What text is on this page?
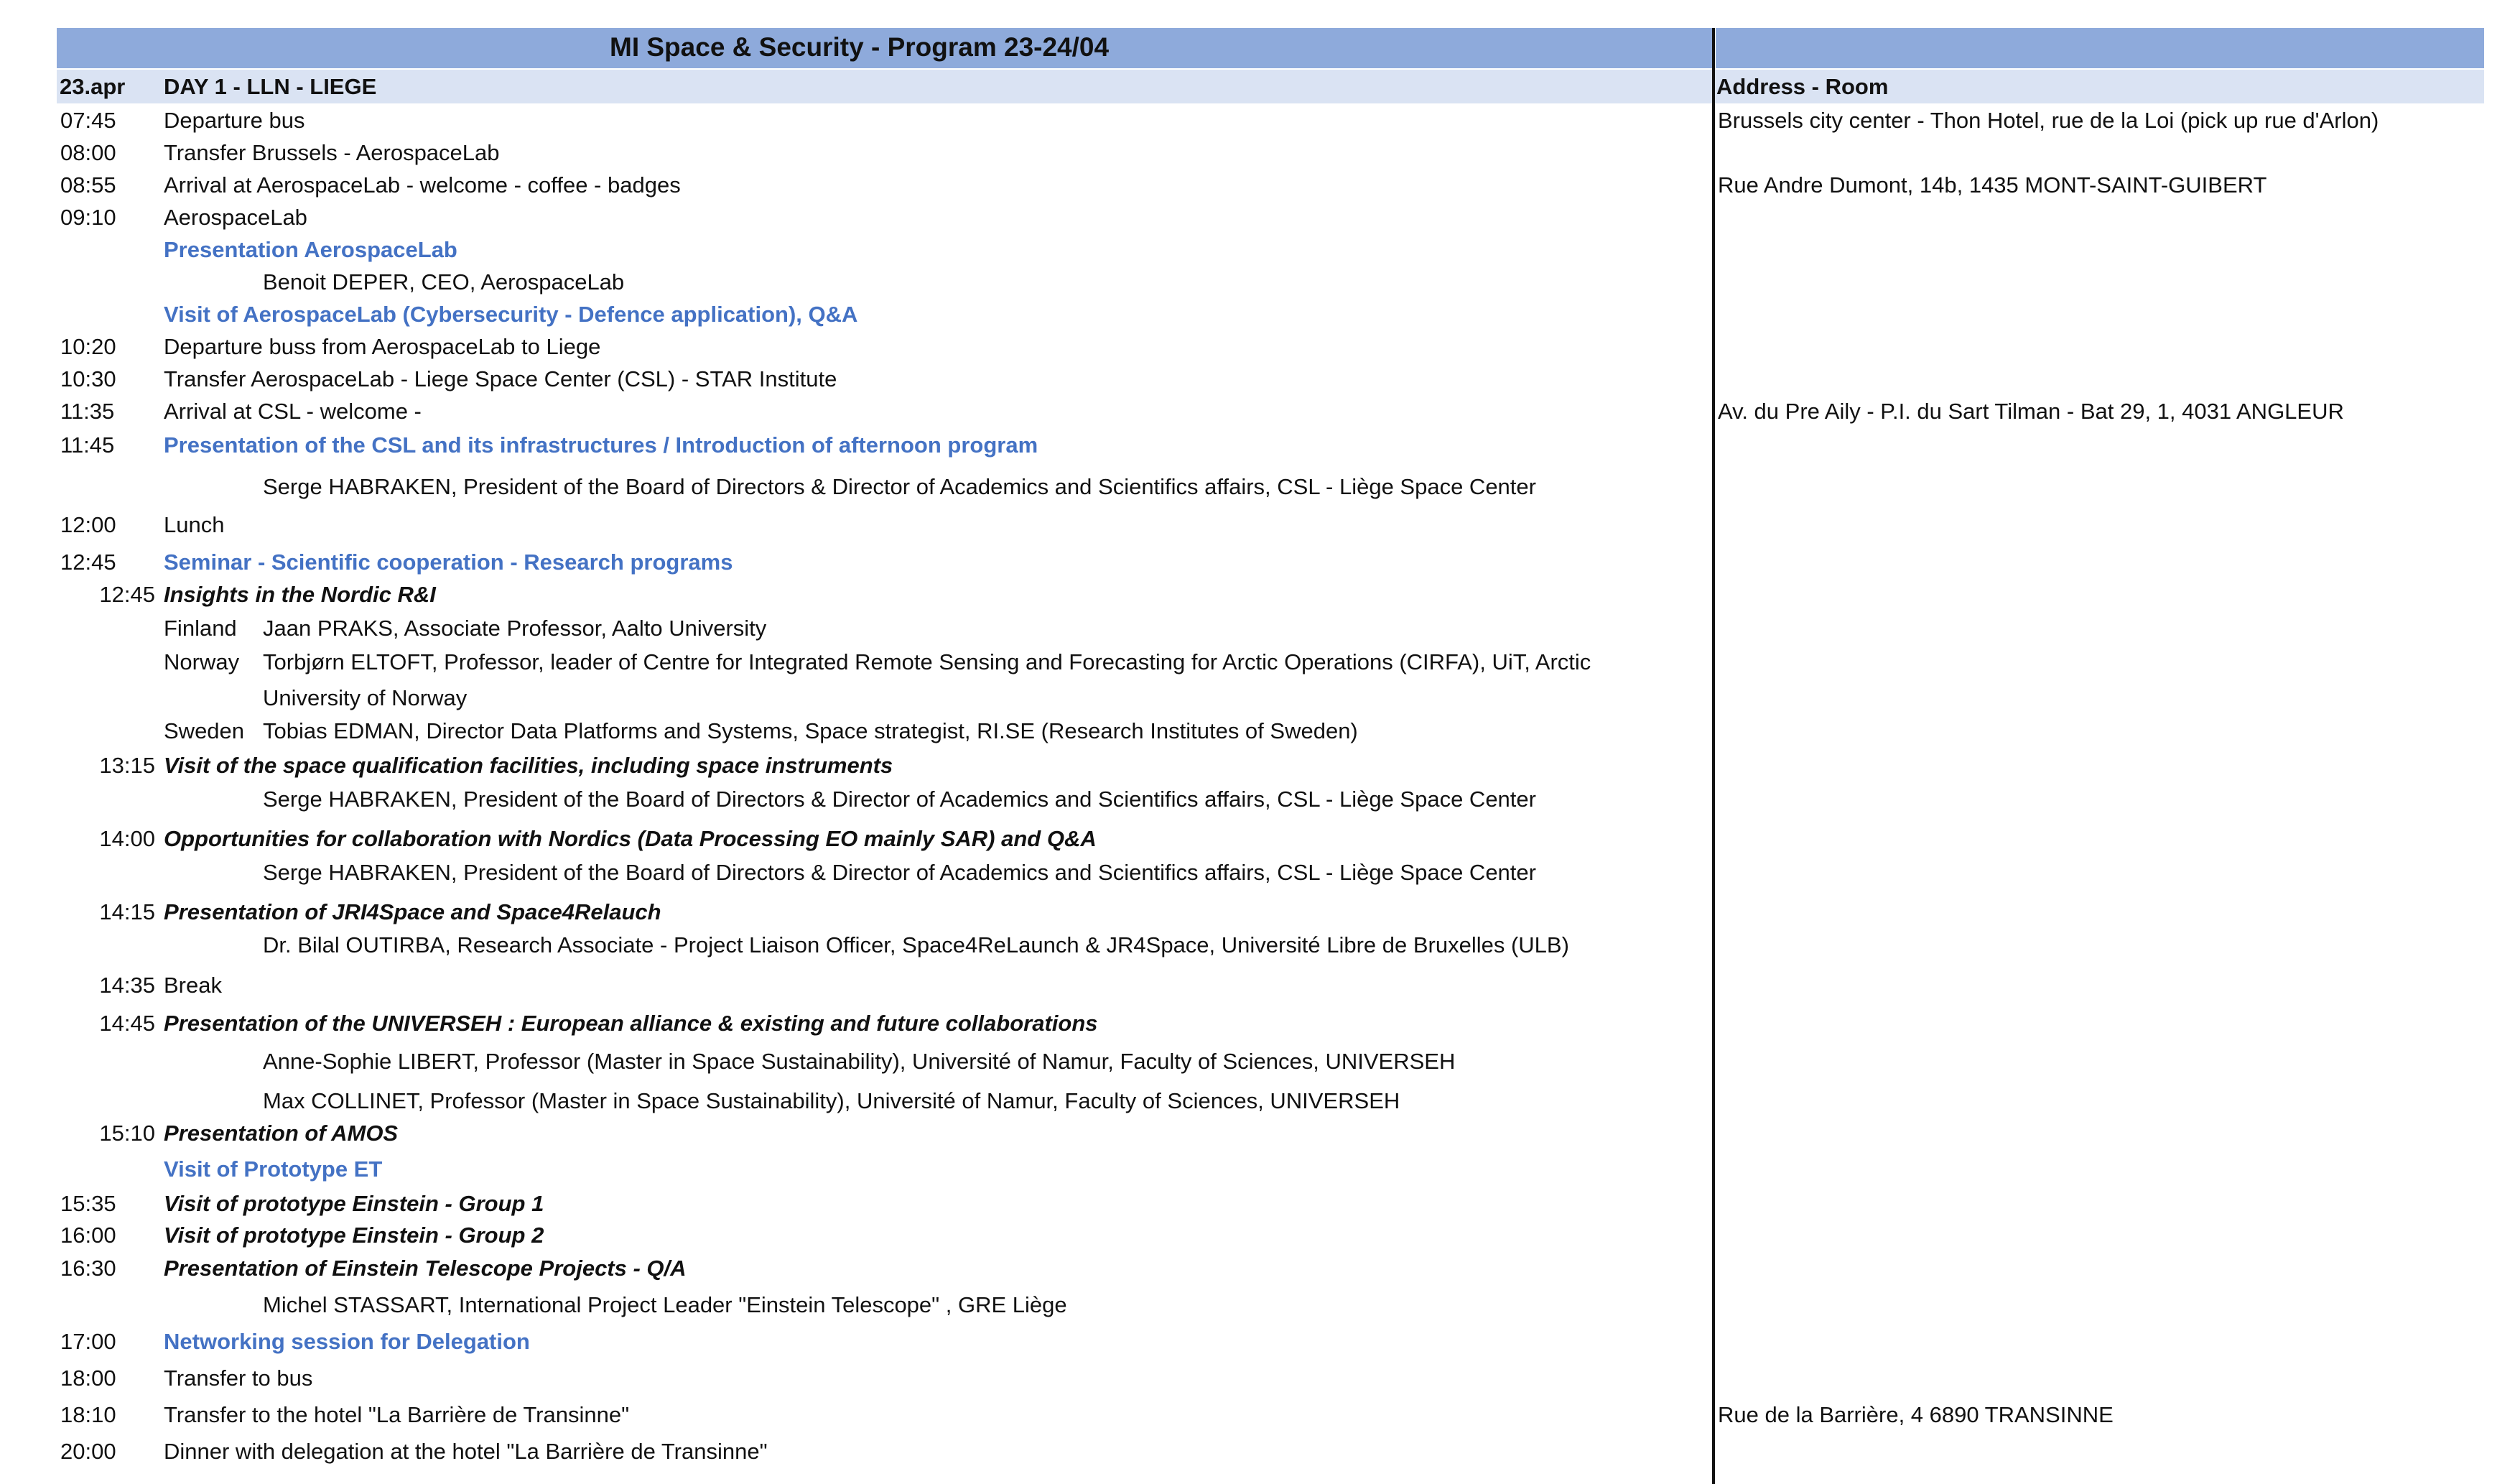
MI Space & Security - Program 23-24/04
23.apr DAY 1 - LLN - LIEGE	Address - Room
07:45 Departure bus	Brussels city center - Thon Hotel, rue de la Loi (pick up rue d'Arlon)
08:00 Transfer Brussels - AerospaceLab
08:55 Arrival at AerospaceLab - welcome - coffee - badges	Rue Andre Dumont, 14b, 1435 MONT-SAINT-GUIBERT
09:10 AerospaceLab
Presentation AerospaceLab
Benoit DEPER, CEO, AerospaceLab
Visit of AerospaceLab (Cybersecurity - Defence application), Q&A
10:20 Departure buss from AerospaceLab to Liege
10:30 Transfer AerospaceLab - Liege Space Center (CSL) - STAR Institute
11:35 Arrival at CSL - welcome -	Av. du Pre Aily - P.I. du Sart Tilman - Bat 29, 1, 4031 ANGLEUR
11:45 Presentation of the CSL and its infrastructures / Introduction of afternoon program
Serge HABRAKEN, President of the Board of Directors & Director of Academics and Scientifics affairs, CSL - Liège Space Center
12:00 Lunch
12:45 Seminar - Scientific cooperation - Research programs
12:45 Insights in the Nordic R&I
Finland Jaan PRAKS, Associate Professor, Aalto University
Norway Torbjørn ELTOFT, Professor, leader of Centre for Integrated Remote Sensing and Forecasting for Arctic Operations (CIRFA), UiT, Arctic
University of Norway
Sweden Tobias EDMAN, Director Data Platforms and Systems, Space strategist, RI.SE (Research Institutes of Sweden)
13:15 Visit of the space qualification facilities, including space instruments
Serge HABRAKEN, President of the Board of Directors & Director of Academics and Scientifics affairs, CSL - Liège Space Center
14:00 Opportunities for collaboration with Nordics (Data Processing EO mainly SAR) and Q&A
Serge HABRAKEN, President of the Board of Directors & Director of Academics and Scientifics affairs, CSL - Liège Space Center
14:15 Presentation of JRI4Space and Space4Relauch
Dr. Bilal OUTIRBA, Research Associate - Project Liaison Officer, Space4ReLaunch & JR4Space, Université Libre de Bruxelles (ULB)
14:35 Break
14:45 Presentation of the UNIVERSEH : European alliance & existing and future collaborations
Anne-Sophie LIBERT, Professor (Master in Space Sustainability), Université of Namur, Faculty of Sciences, UNIVERSEH
Max COLLINET, Professor (Master in Space Sustainability), Université of Namur, Faculty of Sciences, UNIVERSEH
15:10 Presentation of AMOS
Visit of Prototype ET
15:35 Visit of prototype Einstein - Group 1
16:00 Visit of prototype Einstein - Group 2
16:30 Presentation of Einstein Telescope Projects - Q/A
Michel STASSART, International Project Leader "Einstein Telescope" , GRE Liège
17:00 Networking session for Delegation
18:00 Transfer to bus
18:10 Transfer to the hotel "La Barrière de Transinne"	Rue de la Barrière, 4 6890 TRANSINNE
20:00 Dinner with delegation at the hotel "La Barrière de Transinne"
